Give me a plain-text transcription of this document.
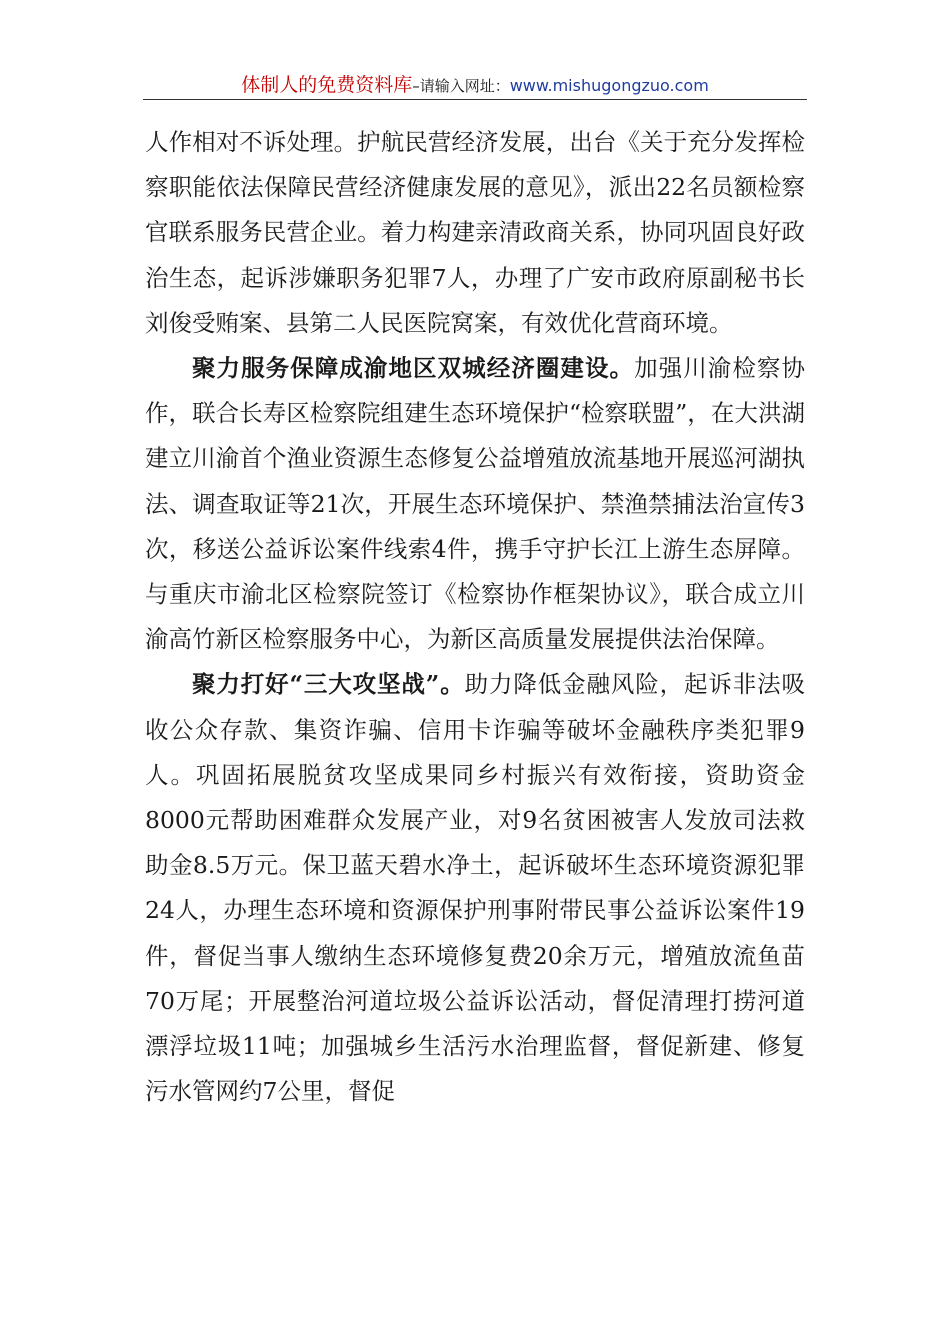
体制人的免费资料库–请输入网址：www.mishugongzuo.com

人作相对不诉处理。护航民营经济发展，出台《关于充分发挥检察职能依法保障民营经济健康发展的意见》，派出22名员额检察官联系服务民营企业。着力构建亲清政商关系，协同巩固良好政治生态，起诉涉嫌职务犯罪7人，办理了广安市政府原副秘书长刘俊受贿案、县第二人民医院窝案，有效优化营商环境。

聚力服务保障成渝地区双城经济圈建设。加强川渝检察协作，联合长寿区检察院组建生态环境保护“检察联盟”，在大洪湖建立川渝首个渔业资源生态修复公益增殖放流基地开展巡河湖执法、调查取证等21次，开展生态环境保护、禁渔禁捕法治宣传3次，移送公益诉讼案件线索4件，携手守护长江上游生态屏障。与重庆市渝北区检察院签订《检察协作框架协议》，联合成立川渝高竹新区检察服务中心，为新区高质量发展提供法治保障。

聚力打好“三大攻坚战”。助力降低金融风险，起诉非法吸收公众存款、集资诈骗、信用卡诈骗等破坏金融秩序类犯罪9人。巩固拓展脱贫攻坚成果同乡村振兴有效衔接，资助资金8000元帮助困难群众发展产业，对9名贫困被害人发放司法救助金8.5万元。保卫蓝天碧水净土，起诉破坏生态环境资源犯罪24人，办理生态环境和资源保护刑事附带民事公益诉讼案件19件，督促当事人缴纳生态环境修复费20余万元，增殖放流鱼苗70万尾；开展整治河道垃圾公益诉讼活动，督促清理打捞河道漂浮垃圾11吨；加强城乡生活污水治理监督，督促新建、修复污水管网约7公里，督促
